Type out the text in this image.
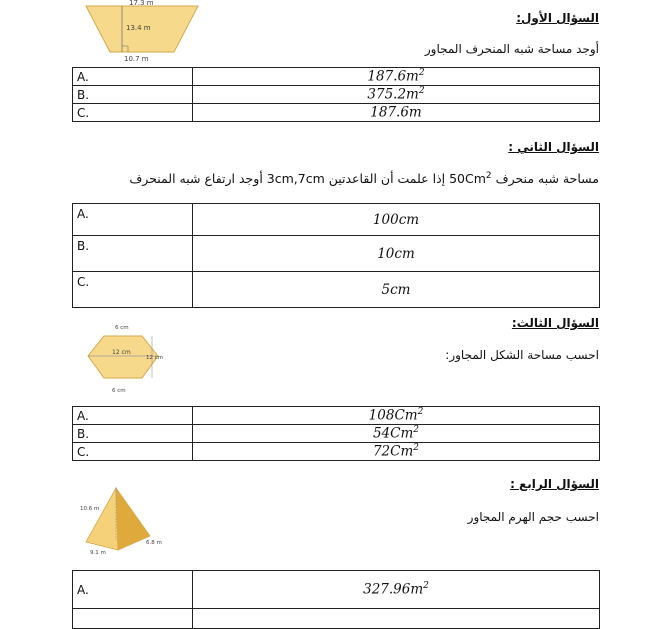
17.3 m
13.4 m
10.7 m
السؤال الأول:
أوجد مساحة شبه المنحرف المجاور
A.	$187.6m^2$
B.	$375.2m^2$
C.	187.6m
السؤال الثاني :
مساحة شبه منحرف 50Cm$^2$ إذا علمت أن القاعدتين 3cm,7cm أوجد ارتفاع شبه المنحرف
A.	100cm
B.	10cm
C.	5cm
6 cm
12 cm
12 cm
6 cm
السؤال الثالث:
احسب مساحة الشكل المجاور:
A.	108Cm$^2$
B.	54Cm$^2$
C.	72Cm$^2$
10.6 m
6.8 m
9.1 m
السؤال الرابع :
احسب حجم الهرم المجاور
A.	$327.96m^2$
